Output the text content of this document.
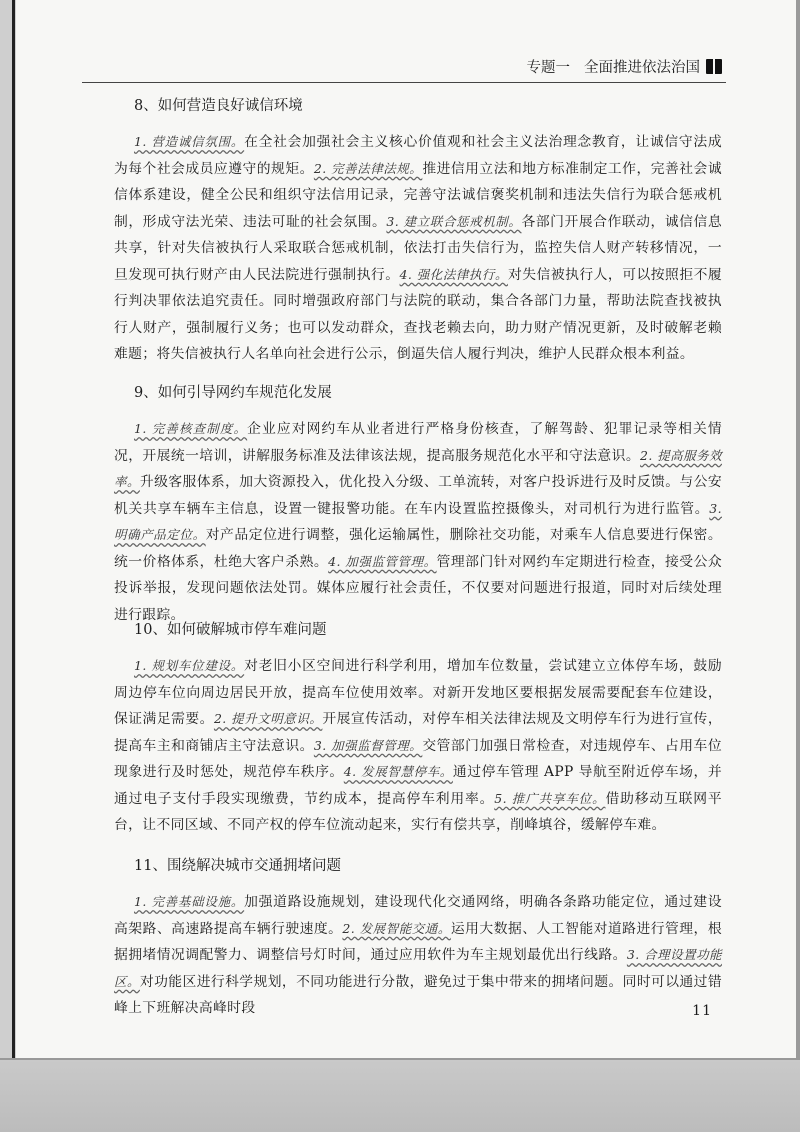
专题一 全面推进依法治国
8、如何营造良好诚信环境
1. 营造诚信氛围。在全社会加强社会主义核心价值观和社会主义法治理念教育，让诚信守法成为每个社会成员应遵守的规矩。2. 完善法律法规。推进信用立法和地方标准制定工作，完善社会诚信体系建设，健全公民和组织守法信用记录，完善守法诚信褒奖机制和违法失信行为联合惩戒机制，形成守法光荣、违法可耻的社会氛围。3. 建立联合惩戒机制。各部门开展合作联动，诚信信息共享，针对失信被执行人采取联合惩戒机制，依法打击失信行为，监控失信人财产转移情况，一旦发现可执行财产由人民法院进行强制执行。4. 强化法律执行。对失信被执行人，可以按照拒不履行判决罪依法追究责任。同时增强政府部门与法院的联动，集合各部门力量，帮助法院查找被执行人财产，强制履行义务；也可以发动群众，查找老赖去向，助力财产情况更新，及时破解老赖难题；将失信被执行人名单向社会进行公示，倒逼失信人履行判决，维护人民群众根本利益。
9、如何引导网约车规范化发展
1. 完善核查制度。企业应对网约车从业者进行严格身份核查，了解驾龄、犯罪记录等相关情况，开展统一培训，讲解服务标准及法律该法规，提高服务规范化水平和守法意识。2. 提高服务效率。升级客服体系，加大资源投入，优化投入分级、工单流转，对客户投诉进行及时反馈。与公安机关共享车辆车主信息，设置一键报警功能。在车内设置监控摄像头，对司机行为进行监管。3. 明确产品定位。对产品定位进行调整，强化运输属性，删除社交功能，对乘车人信息要进行保密。统一价格体系，杜绝大客户杀熟。4. 加强监管管理。管理部门针对网约车定期进行检查，接受公众投诉举报，发现问题依法处罚。媒体应履行社会责任，不仅要对问题进行报道，同时对后续处理进行跟踪。
10、如何破解城市停车难问题
1. 规划车位建设。对老旧小区空间进行科学利用，增加车位数量，尝试建立立体停车场，鼓励周边停车位向周边居民开放，提高车位使用效率。对新开发地区要根据发展需要配套车位建设，保证满足需要。2. 提升文明意识。开展宣传活动，对停车相关法律法规及文明停车行为进行宣传，提高车主和商铺店主守法意识。3. 加强监督管理。交管部门加强日常检查，对违规停车、占用车位现象进行及时惩处，规范停车秩序。4. 发展智慧停车。通过停车管理 APP 导航至附近停车场，并通过电子支付手段实现缴费，节约成本，提高停车利用率。5. 推广共享车位。借助移动互联网平台，让不同区域、不同产权的停车位流动起来，实行有偿共享，削峰填谷，缓解停车难。
11、围绕解决城市交通拥堵问题
1. 完善基础设施。加强道路设施规划，建设现代化交通网络，明确各条路功能定位，通过建设高架路、高速路提高车辆行驶速度。2. 发展智能交通。运用大数据、人工智能对道路进行管理，根据拥堵情况调配警力、调整信号灯时间，通过应用软件为车主规划最优出行线路。3. 合理设置功能区。对功能区进行科学规划，不同功能进行分散，避免过于集中带来的拥堵问题。同时可以通过错峰上下班解决高峰时段	11
